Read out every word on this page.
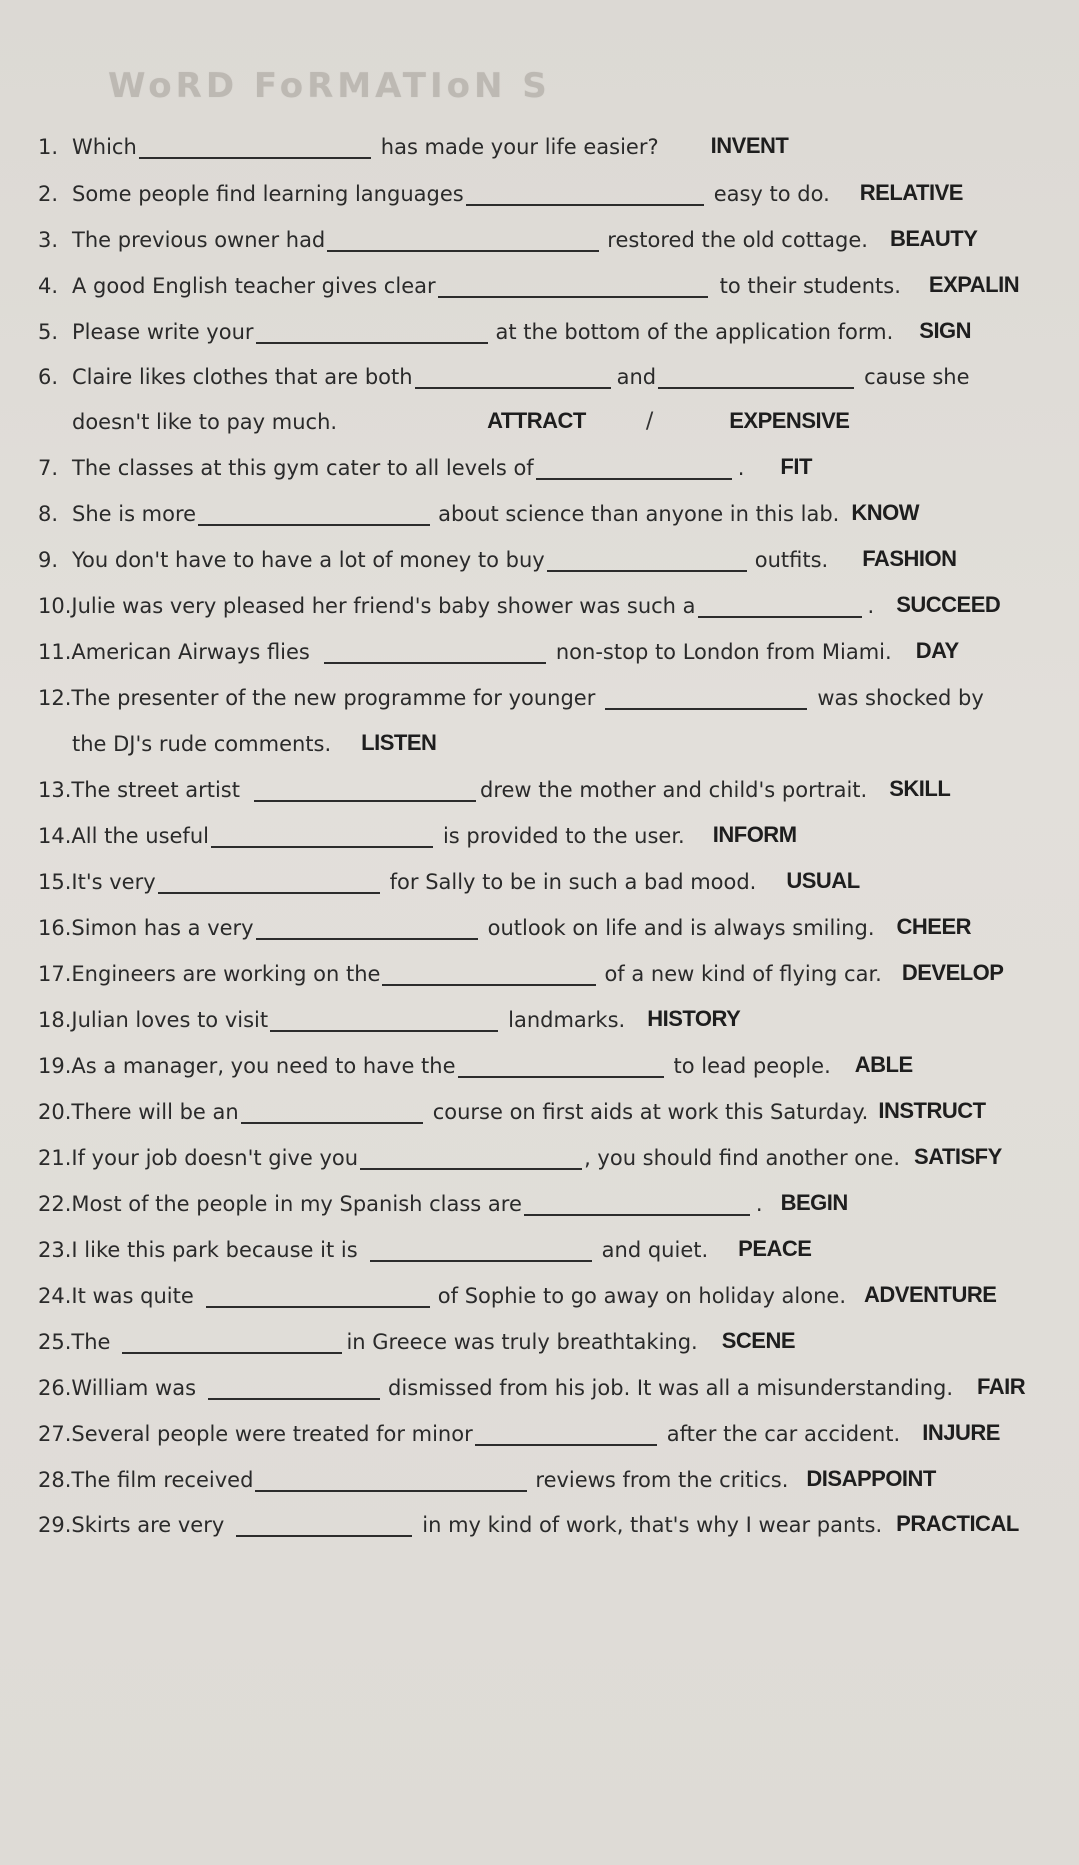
WoRD FoRMATIoN S
1. Which	has made your life easier? INVENT
2. Some people find learning languages	easy to do. RELATIVE
3. The previous owner had	restored the old cottage. BEAUTY
4. A good English teacher gives clear	to their students. EXPALIN
5. Please write your	at the bottom of the application form. SIGN
6. Claire likes clothes that are both	and	cause she
doesn't like to pay much.	ATTRACT	/	EXPENSIVE
7. The classes at this gym cater to all levels of	. FIT
8. She is more	about science than anyone in this lab. KNOW
9. You don't have to have a lot of money to buy	outfits. FASHION
10. Julie was very pleased her friend's baby shower was such a	. SUCCEED
11. American Airways flies	non-stop to London from Miami. DAY
12. The presenter of the new programme for younger	was shocked by
the DJ's rude comments. LISTEN
13. The street artist	drew the mother and child's portrait. SKILL
14. All the useful	is provided to the user. INFORM
15. It's very	for Sally to be in such a bad mood. USUAL
16. Simon has a very	outlook on life and is always smiling. CHEER
17. Engineers are working on the	of a new kind of flying car. DEVELOP
18. Julian loves to visit	landmarks. HISTORY
19. As a manager, you need to have the	to lead people. ABLE
20. There will be an	course on first aids at work this Saturday. INSTRUCT
21. If your job doesn't give you	, you should find another one. SATISFY
22. Most of the people in my Spanish class are	. BEGIN
23. I like this park because it is	and quiet. PEACE
24. It was quite	of Sophie to go away on holiday alone. ADVENTURE
25. The	in Greece was truly breathtaking. SCENE
26. William was	dismissed from his job. It was all a misunderstanding. FAIR
27. Several people were treated for minor	after the car accident. INJURE
28. The film received	reviews from the critics. DISAPPOINT
29. Skirts are very	in my kind of work, that's why I wear pants. PRACTICAL
